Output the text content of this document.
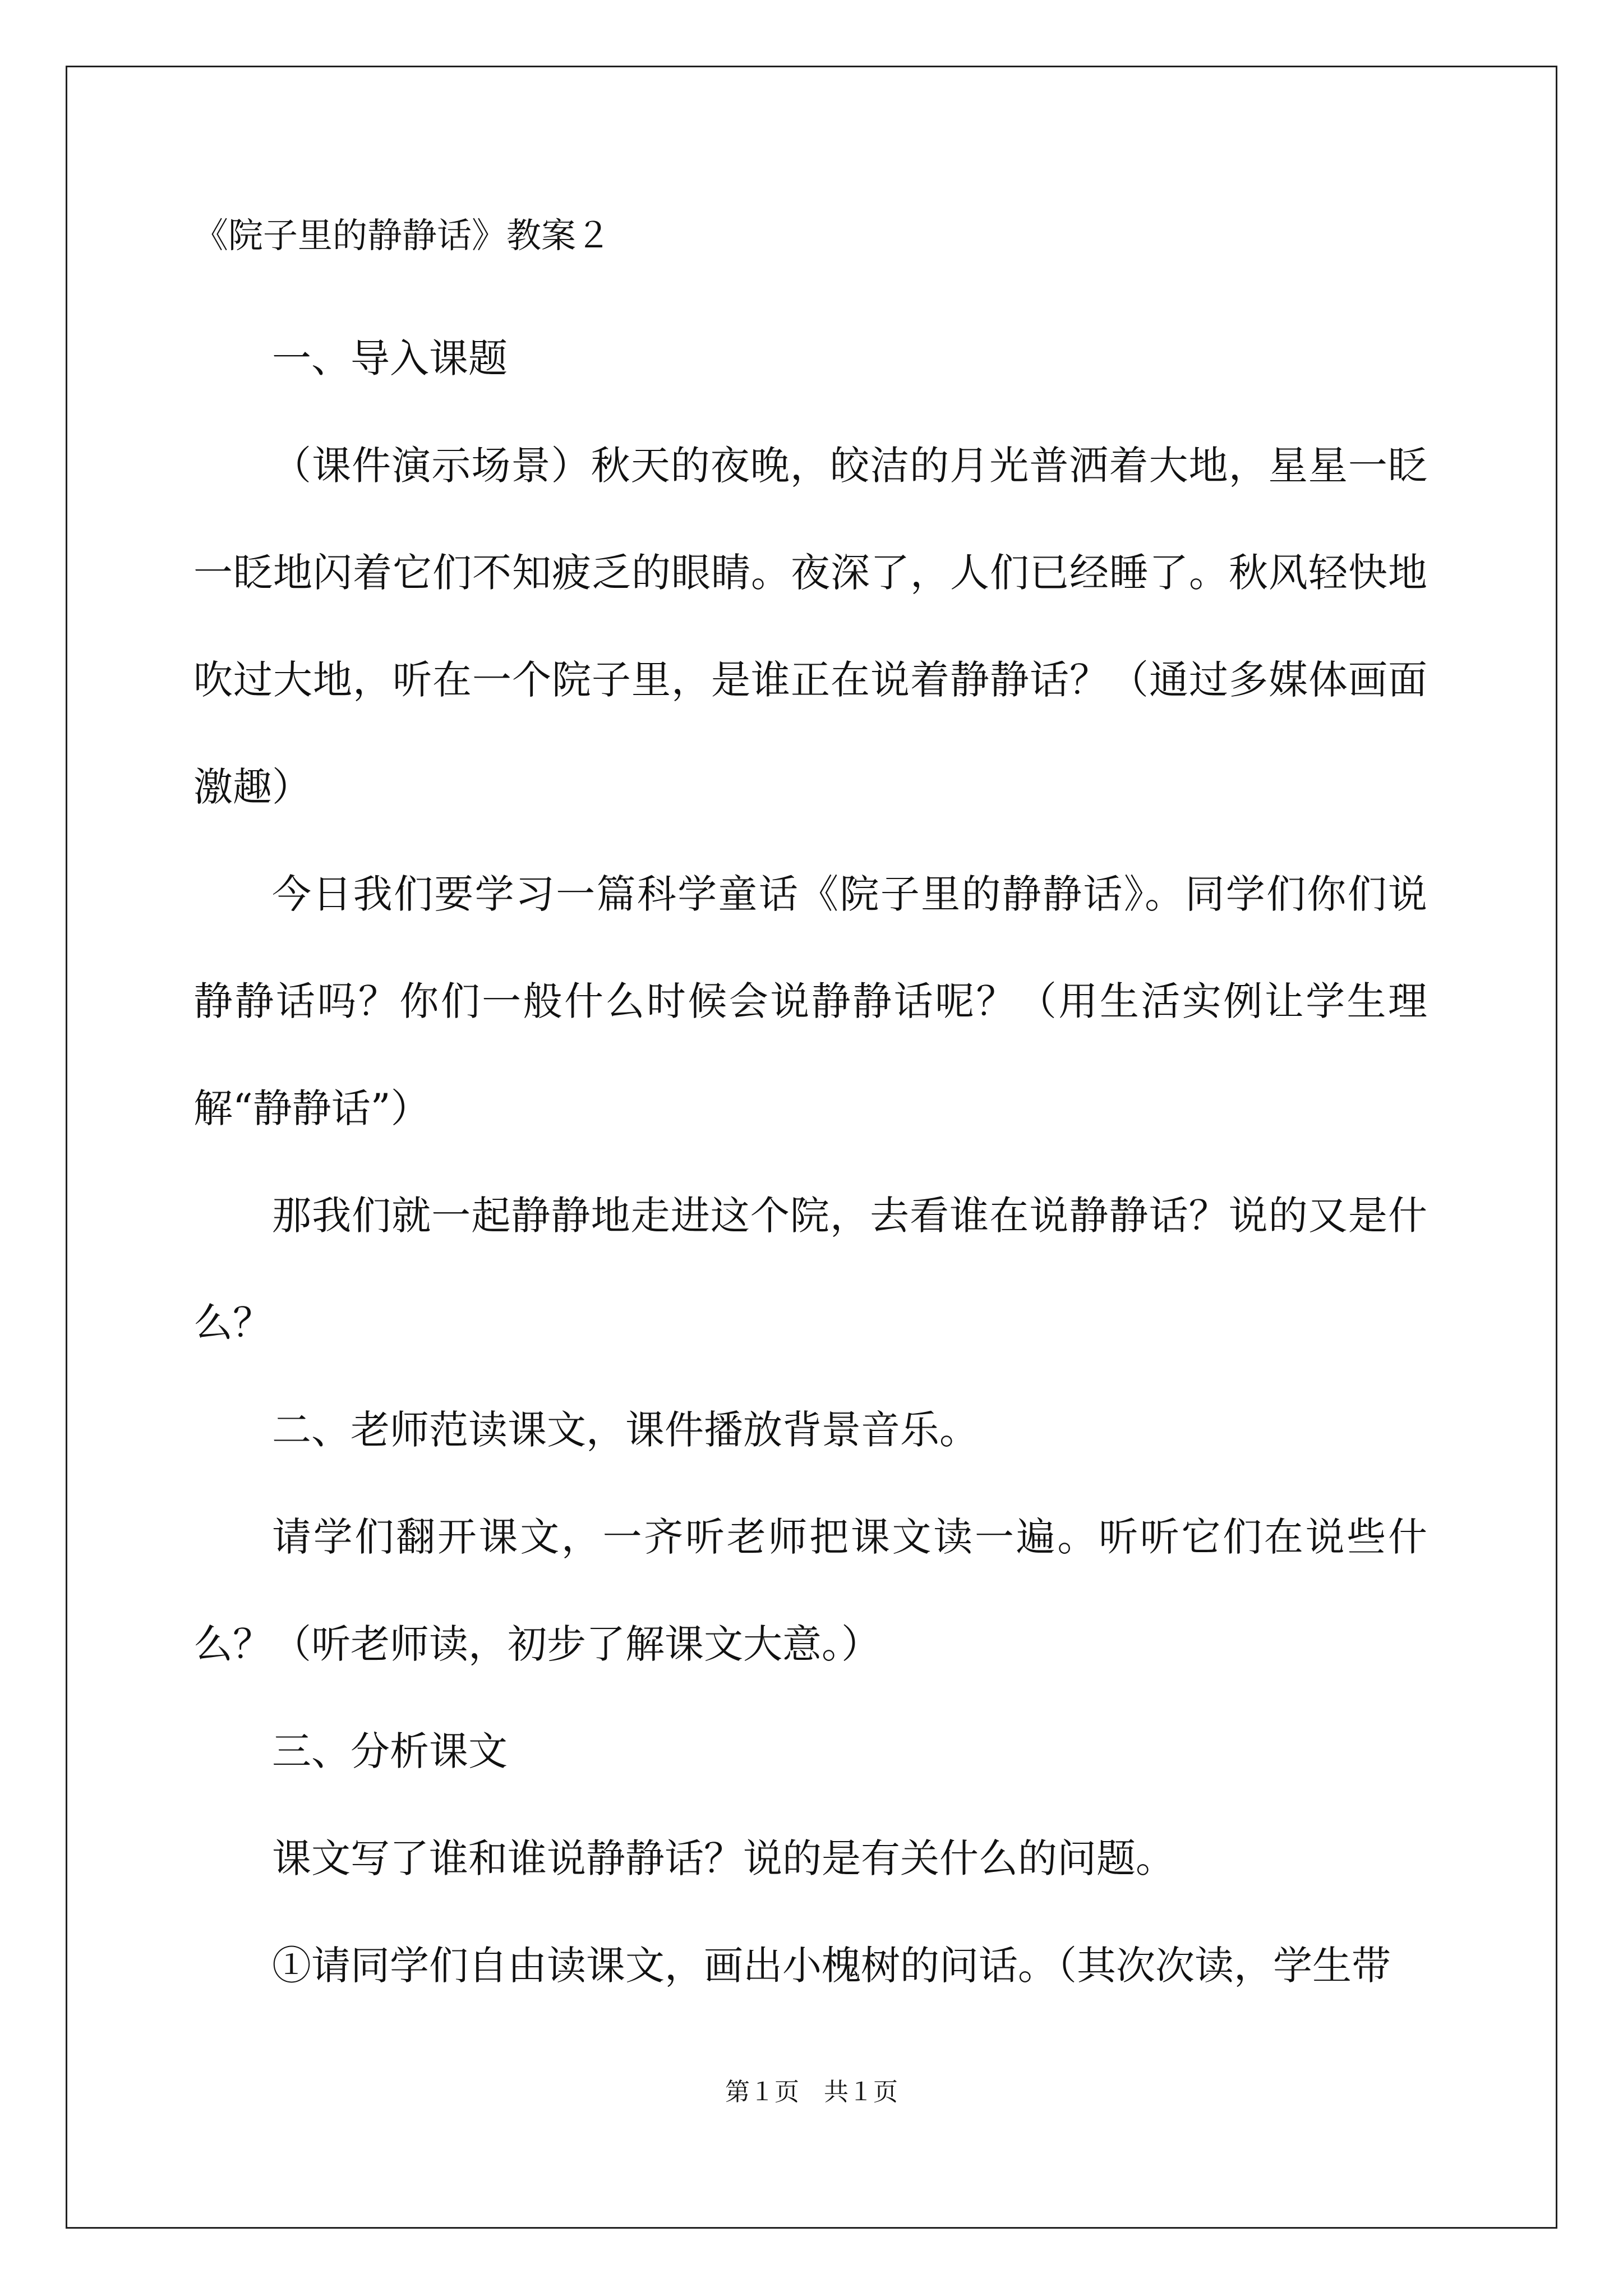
《院子里的静静话》教案２
一、导入课题
（课件演示场景）秋天的夜晚，皎洁的月光普洒着大地，星星一眨一眨地闪着它们不知疲乏的眼睛。夜深了，人们已经睡了。秋风轻快地吹过大地，听在一个院子里，是谁正在说着静静话？（通过多媒体画面激趣）
今日我们要学习一篇科学童话《院子里的静静话》。同学们你们说静静话吗？你们一般什么时候会说静静话呢？（用生活实例让学生理解“静静话”）
那我们就一起静静地走进这个院，去看谁在说静静话？说的又是什么？
二、老师范读课文，课件播放背景音乐。
请学们翻开课文，一齐听老师把课文读一遍。听听它们在说些什么？（听老师读，初步了解课文大意。）
三、分析课文
课文写了谁和谁说静静话？说的是有关什么的问题。
①请同学们自由读课文，画出小槐树的问话。（其次次读，学生带
第１页　共１页
